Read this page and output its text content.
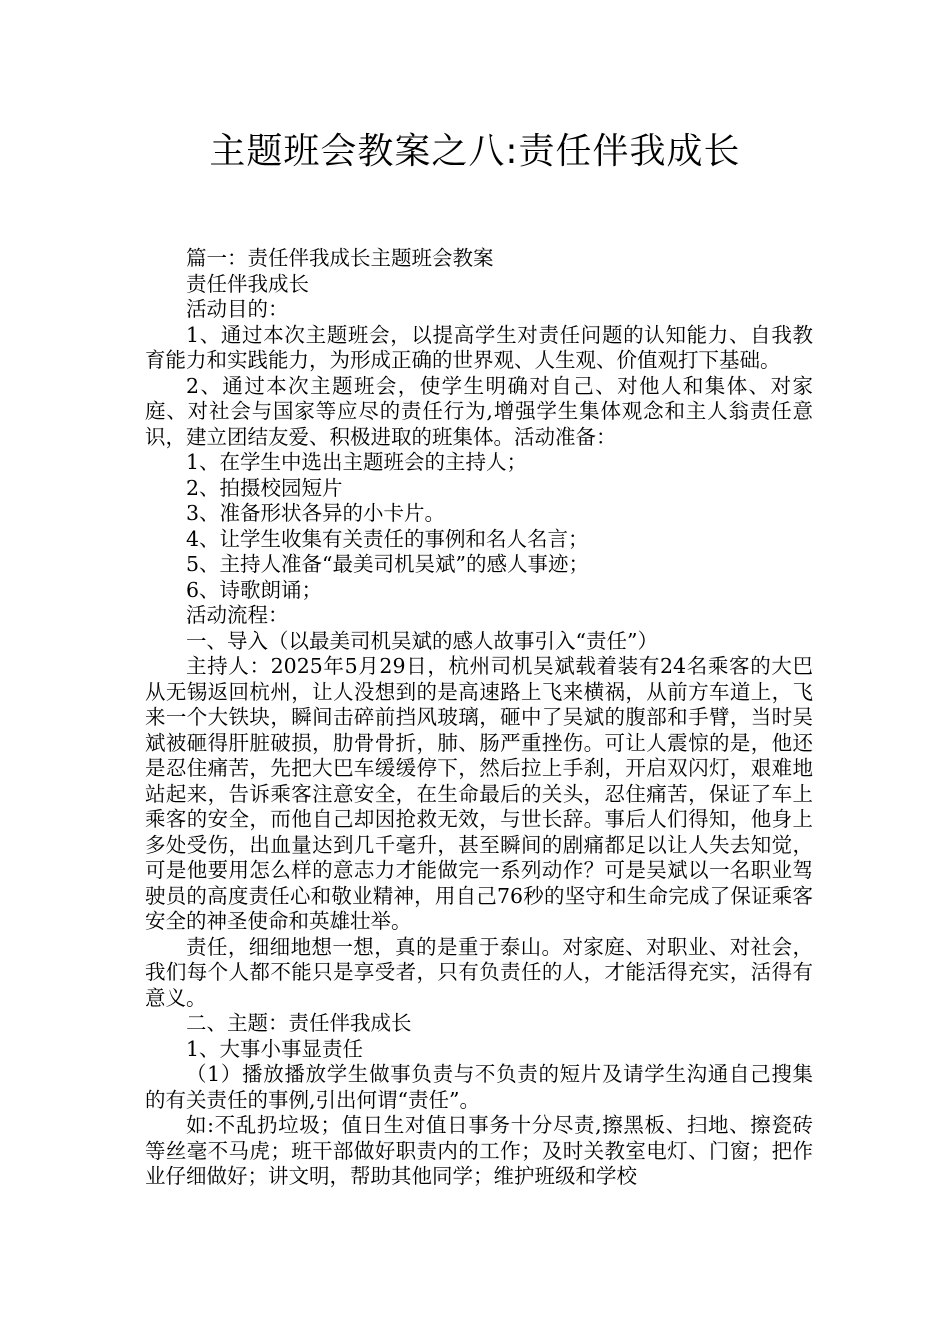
主题班会教案之八:责任伴我成长

篇一：责任伴我成长主题班会教案

责任伴我成长

活动目的：

1、通过本次主题班会，以提高学生对责任问题的认知能力、自我教育能力和实践能力，为形成正确的世界观、人生观、价值观打下基础。

2、通过本次主题班会，使学生明确对自己、对他人和集体、对家庭、对社会与国家等应尽的责任行为,增强学生集体观念和主人翁责任意识，建立团结友爱、积极进取的班集体。活动准备：

1、在学生中选出主题班会的主持人；

2、拍摄校园短片

3、准备形状各异的小卡片。

4、让学生收集有关责任的事例和名人名言；

5、主持人准备“最美司机吴斌”的感人事迹；

6、诗歌朗诵；

活动流程：

一、导入（以最美司机吴斌的感人故事引入“责任”）

主持人：2025年5月29日，杭州司机吴斌载着装有24名乘客的大巴从无锡返回杭州，让人没想到的是高速路上飞来横祸，从前方车道上，飞来一个大铁块，瞬间击碎前挡风玻璃，砸中了吴斌的腹部和手臂，当时吴斌被砸得肝脏破损，肋骨骨折，肺、肠严重挫伤。可让人震惊的是，他还是忍住痛苦，先把大巴车缓缓停下，然后拉上手刹，开启双闪灯，艰难地站起来，告诉乘客注意安全，在生命最后的关头，忍住痛苦，保证了车上乘客的安全，而他自己却因抢救无效，与世长辞。事后人们得知，他身上多处受伤，出血量达到几千毫升，甚至瞬间的剧痛都足以让人失去知觉，可是他要用怎么样的意志力才能做完一系列动作？可是吴斌以一名职业驾驶员的高度责任心和敬业精神，用自己76秒的坚守和生命完成了保证乘客安全的神圣使命和英雄壮举。

责任，细细地想一想，真的是重于泰山。对家庭、对职业、对社会，我们每个人都不能只是享受者，只有负责任的人，才能活得充实，活得有意义。

二、主题：责任伴我成长

1、大事小事显责任

（1）播放播放学生做事负责与不负责的短片及请学生沟通自己搜集的有关责任的事例,引出何谓“责任”。

如:不乱扔垃圾；值日生对值日事务十分尽责,擦黑板、扫地、擦瓷砖等丝毫不马虎；班干部做好职责内的工作；及时关教室电灯、门窗；把作业仔细做好；讲文明，帮助其他同学；维护班级和学校
